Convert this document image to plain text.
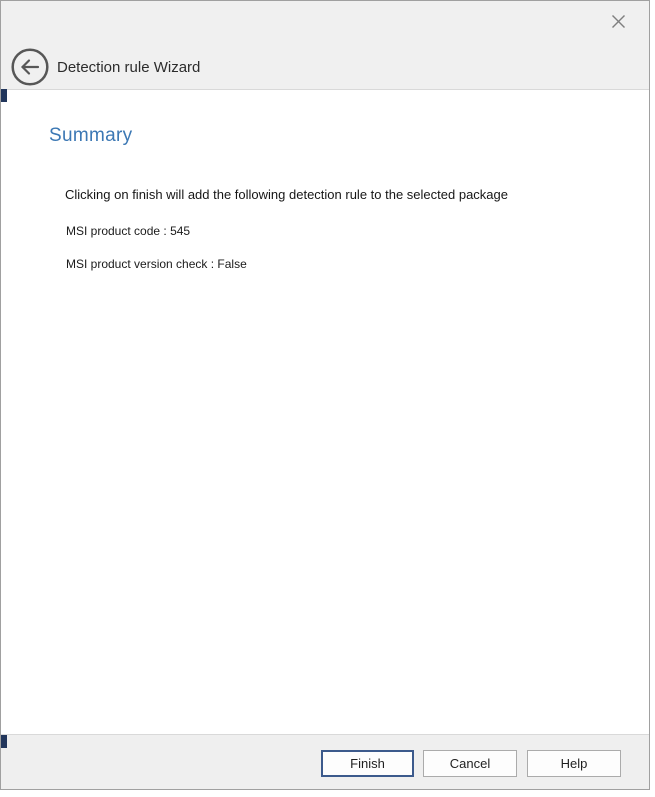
Detection rule Wizard
Summary
Clicking on finish will add the following detection rule to the selected package
MSI product code : 545
MSI product version check : False
Finish	Cancel	Help
